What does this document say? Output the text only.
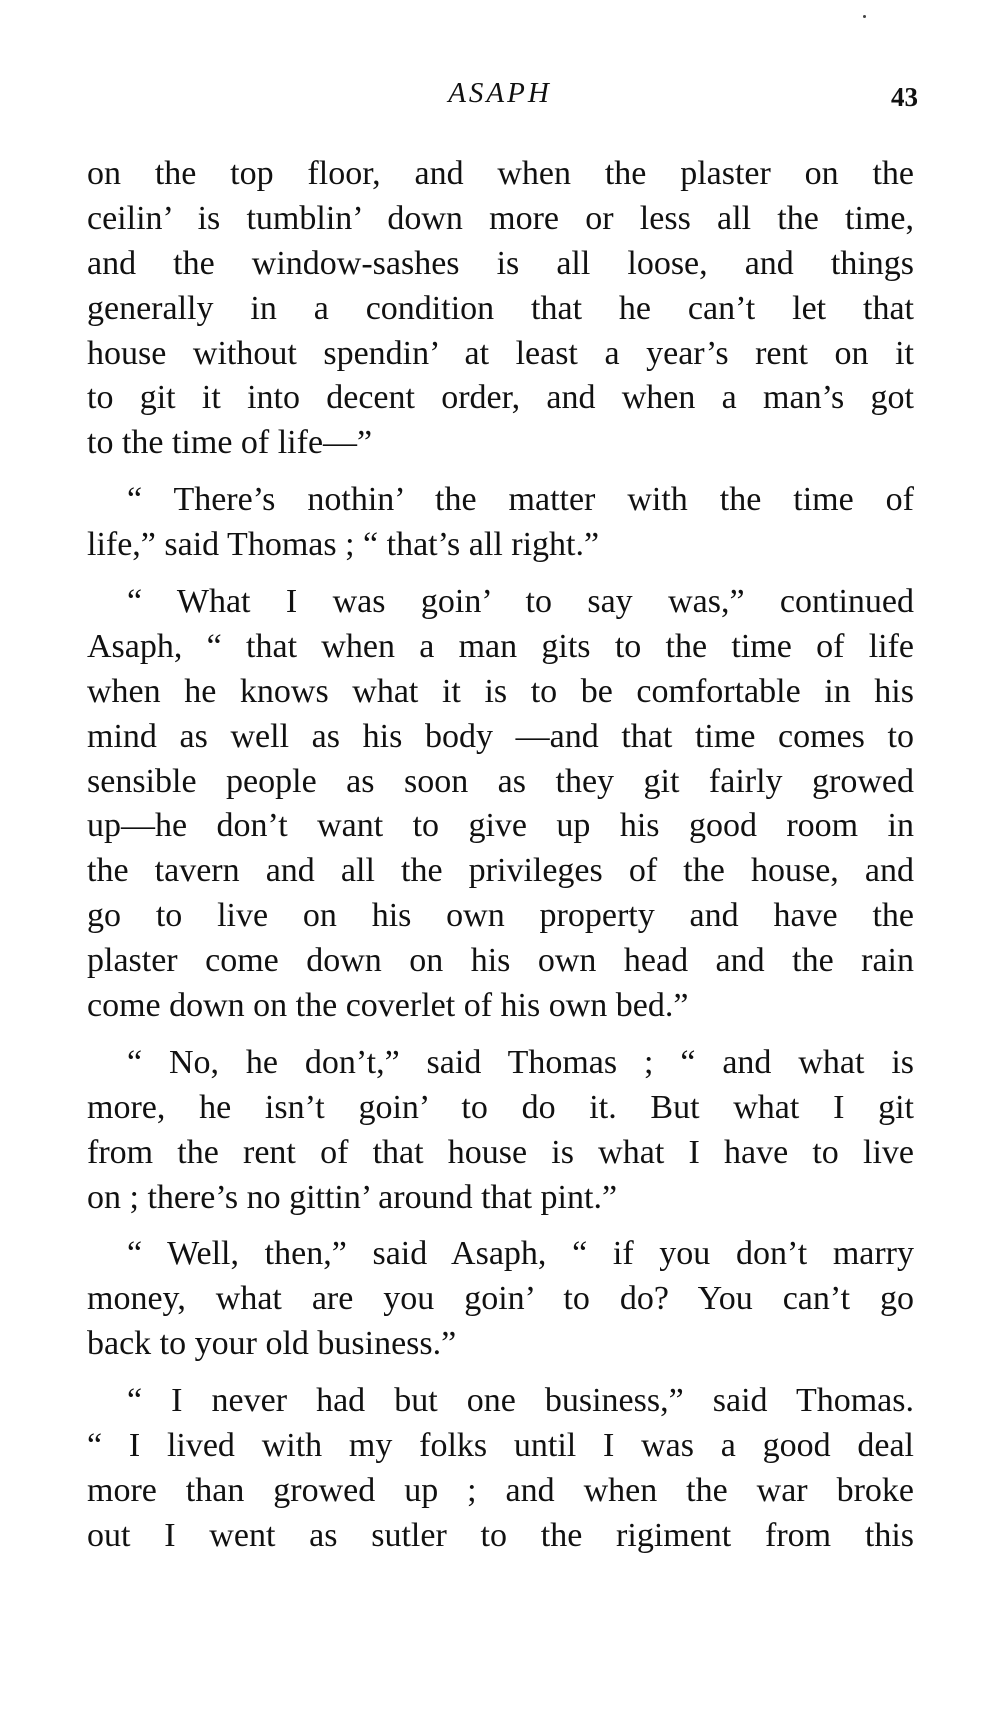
ASAPH	43
on the top floor, and when the plaster on the
ceilin’ is tumblin’ down more or less all the time,
and the window-sashes is all loose, and things
generally in a condition that he can’t let that
house without spendin’ at least a year’s rent on it
to git it into decent order, and when a man’s got
to the time of life—”
“ There’s nothin’ the matter with the time of
life,” said Thomas ; “ that’s all right.”
“ What I was goin’ to say was,” continued
Asaph, “ that when a man gits to the time of life
when he knows what it is to be comfortable in his
mind as well as his body —and that time comes to
sensible people as soon as they git fairly growed
up—he don’t want to give up his good room in
the tavern and all the privileges of the house, and
go to live on his own property and have the
plaster come down on his own head and the rain
come down on the coverlet of his own bed.”
“ No, he don’t,” said Thomas ; “ and what is
more, he isn’t goin’ to do it. But what I git
from the rent of that house is what I have to live
on ; there’s no gittin’ around that pint.”
“ Well, then,” said Asaph, “ if you don’t marry
money, what are you goin’ to do? You can’t go
back to your old business.”
“ I never had but one business,” said Thomas.
“ I lived with my folks until I was a good deal
more than growed up ; and when the war broke
out I went as sutler to the rigiment from this
